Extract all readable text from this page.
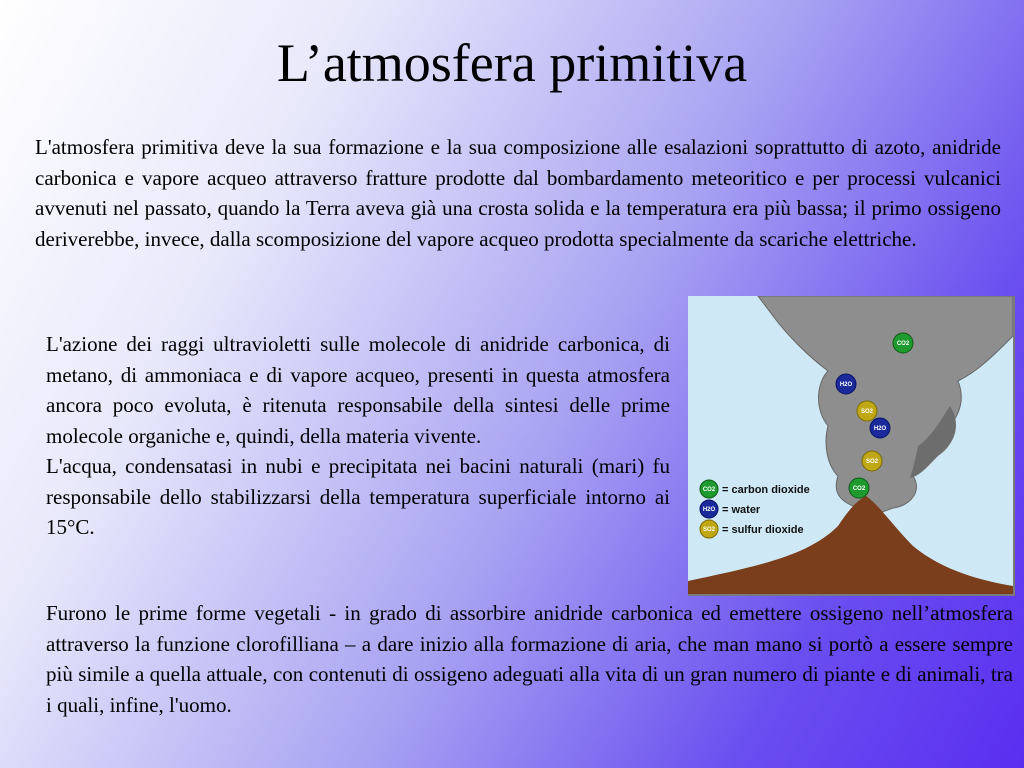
L’atmosfera primitiva
L'atmosfera primitiva deve la sua formazione e la sua composizione alle esalazioni soprattutto di azoto, anidride carbonica e vapore acqueo attraverso fratture prodotte dal bombardamento meteoritico e per processi vulcanici avvenuti nel passato, quando la Terra aveva già una crosta solida e la temperatura era più bassa; il primo ossigeno deriverebbe, invece, dalla scomposizione del vapore acqueo prodotta specialmente da scariche elettriche.
L'azione dei raggi ultravioletti sulle molecole di anidride carbonica, di metano, di ammoniaca e di vapore acqueo, presenti in questa atmosfera ancora poco evoluta, è ritenuta responsabile della sintesi delle prime molecole organiche e, quindi, della materia vivente.
L'acqua, condensatasi in nubi e precipitata nei bacini naturali (mari) fu responsabile dello stabilizzarsi della temperatura superficiale intorno ai 15°C.
Furono le prime forme vegetali - in grado di assorbire anidride carbonica ed emettere ossigeno nell’atmosfera attraverso la funzione clorofilliana – a dare inizio alla formazione di aria, che man mano si portò a essere sempre più simile a quella attuale, con contenuti di ossigeno adeguati alla vita di un gran numero di piante e di animali, tra i quali, infine, l'uomo.
CO2
H2O
SO2
H2O
SO2
CO2
CO2 = carbon dioxide
H2O = water
SO2 = sulfur dioxide
